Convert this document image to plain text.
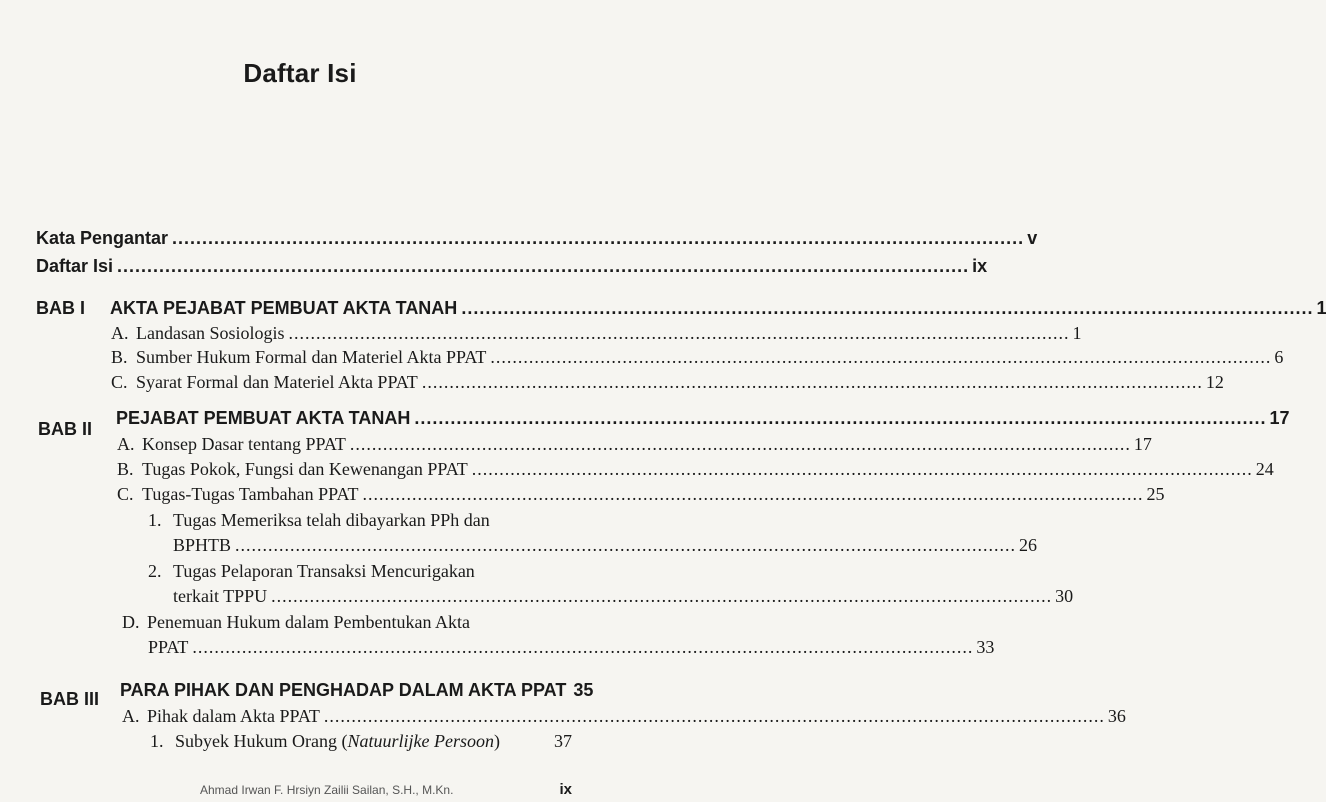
Daftar Isi
Kata Pengantar .............................................................................................................................................. v
Daftar Isi .............................................................................................................................................. ix
BAB I AKTA PEJABAT PEMBUAT AKTA TANAH .............................................................................................................................................. 1
A. Landasan Sosiologis .............................................................................................................................................. 1
B. Sumber Hukum Formal dan Materiel Akta PPAT .............................................................................................................................................. 6
C. Syarat Formal dan Materiel Akta PPAT .............................................................................................................................................. 12
BAB II
PEJABAT PEMBUAT AKTA TANAH .............................................................................................................................................. 17
A. Konsep Dasar tentang PPAT .............................................................................................................................................. 17
B. Tugas Pokok, Fungsi dan Kewenangan PPAT .............................................................................................................................................. 24
C. Tugas-Tugas Tambahan PPAT .............................................................................................................................................. 25
1. Tugas Memeriksa telah dibayarkan PPh dan
BPHTB .............................................................................................................................................. 26
2. Tugas Pelaporan Transaksi Mencurigakan
terkait TPPU .............................................................................................................................................. 30
D. Penemuan Hukum dalam Pembentukan Akta
PPAT .............................................................................................................................................. 33
BAB III PARA PIHAK DAN PENGHADAP DALAM AKTA PPAT 35
A. Pihak dalam Akta PPAT .............................................................................................................................................. 36
1. Subyek Hukum Orang (Natuurlijke Persoon)	37
Ahmad Irwan F. Hrsiyn Zailii Sailan, S.H., M.Kn.	ix
